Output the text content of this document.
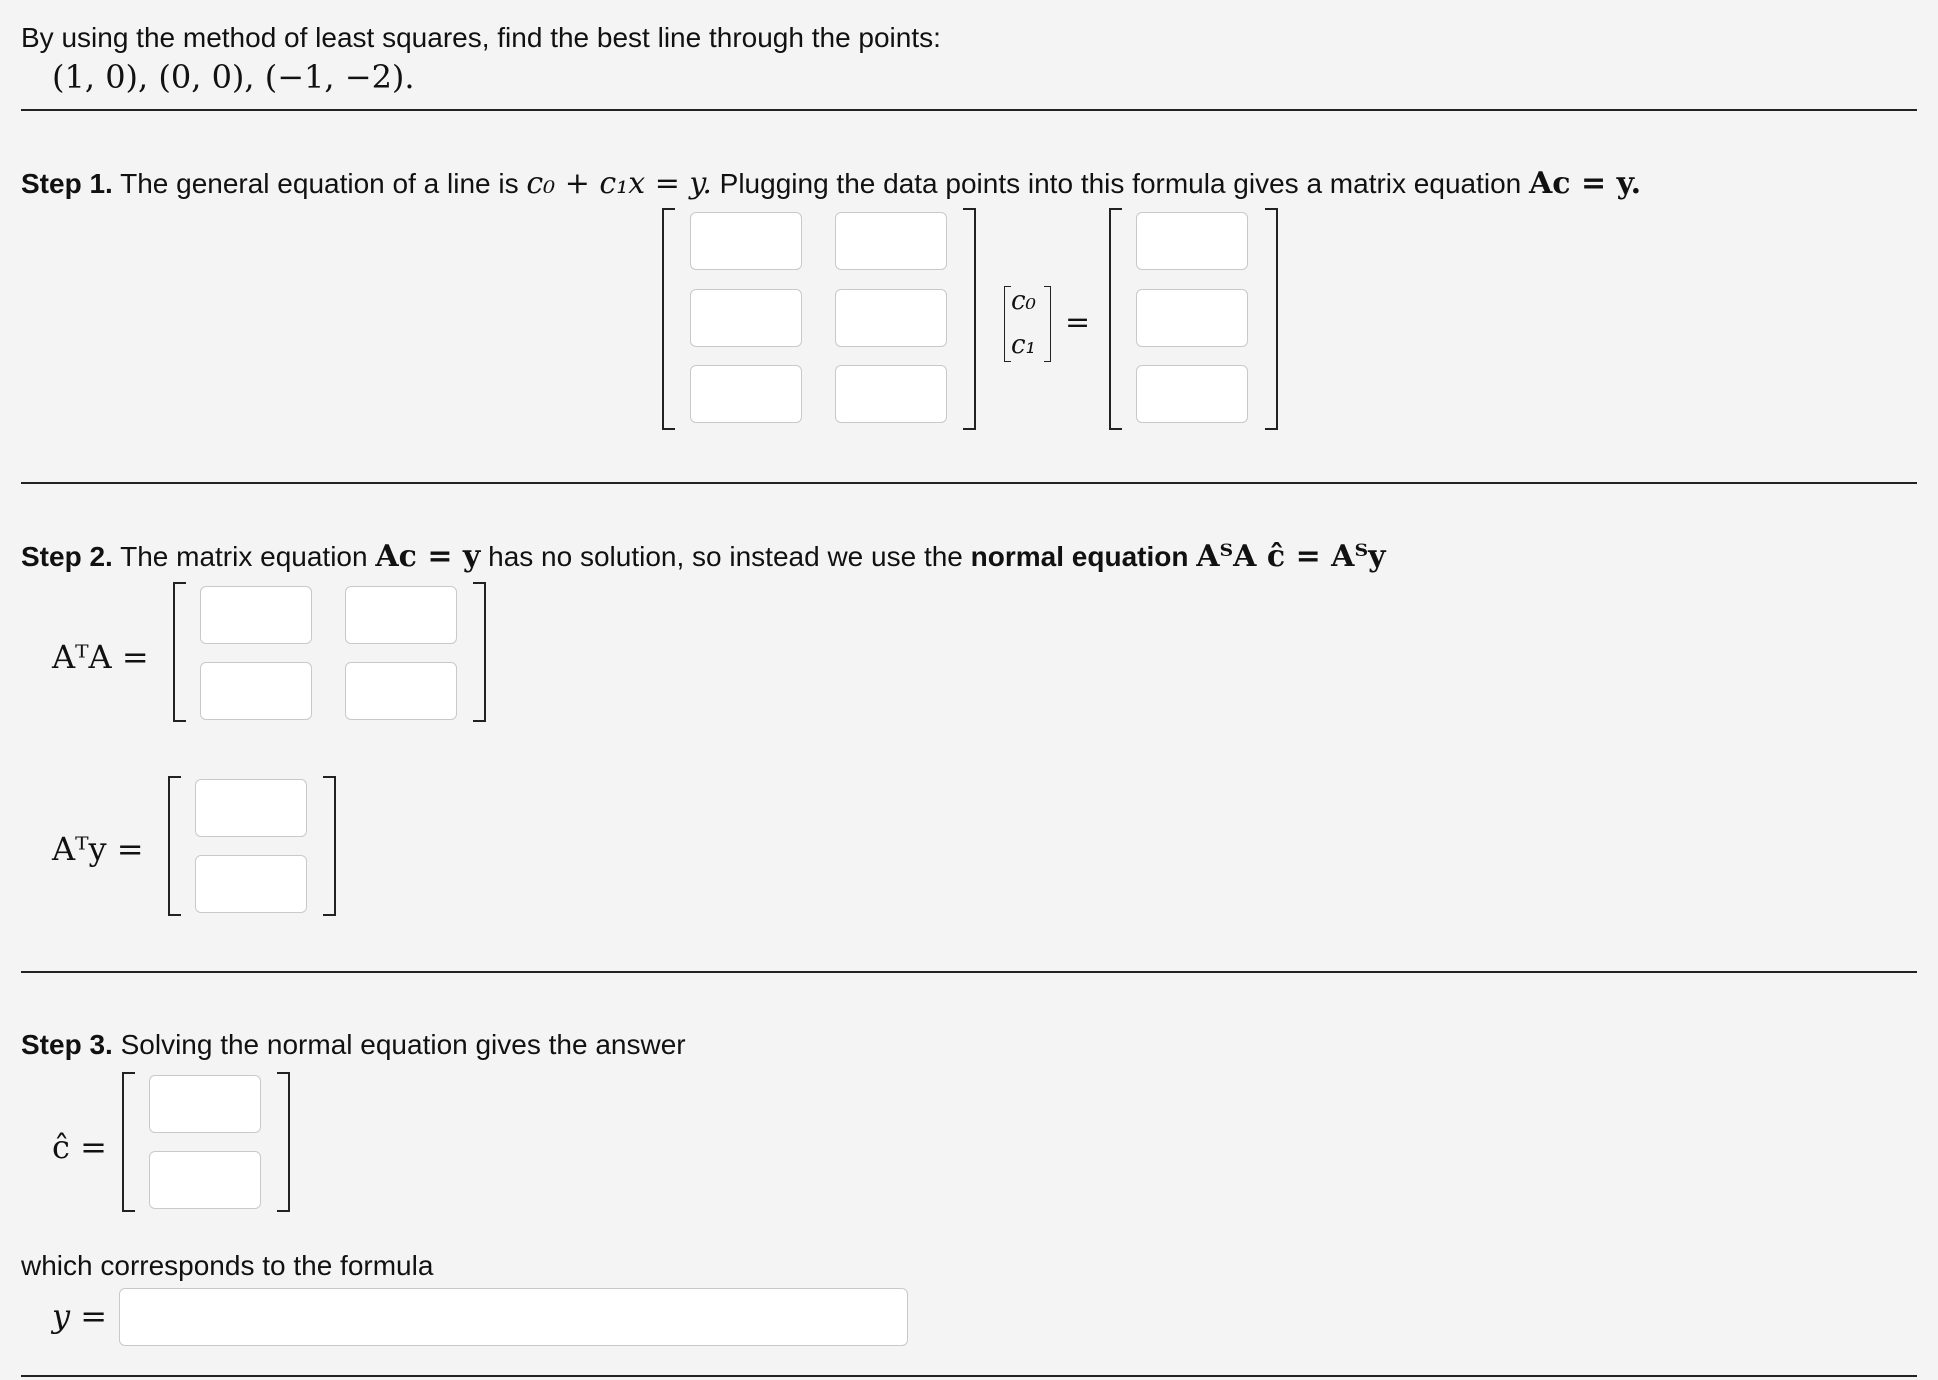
By using the method of least squares, find the best line through the points:
(1, 0), (0, 0), (−1, −2).
Step 1. The general equation of a line is c₀ + c₁x = y. Plugging the data points into this formula gives a matrix equation Ac = y.
c₀
c₁
=
Step 2. The matrix equation Ac = y has no solution, so instead we use the normal equation AᵀA ĉ = Aᵀy
AᵀA =
Aᵀy =
Step 3. Solving the normal equation gives the answer
ĉ =
which corresponds to the formula
y =
